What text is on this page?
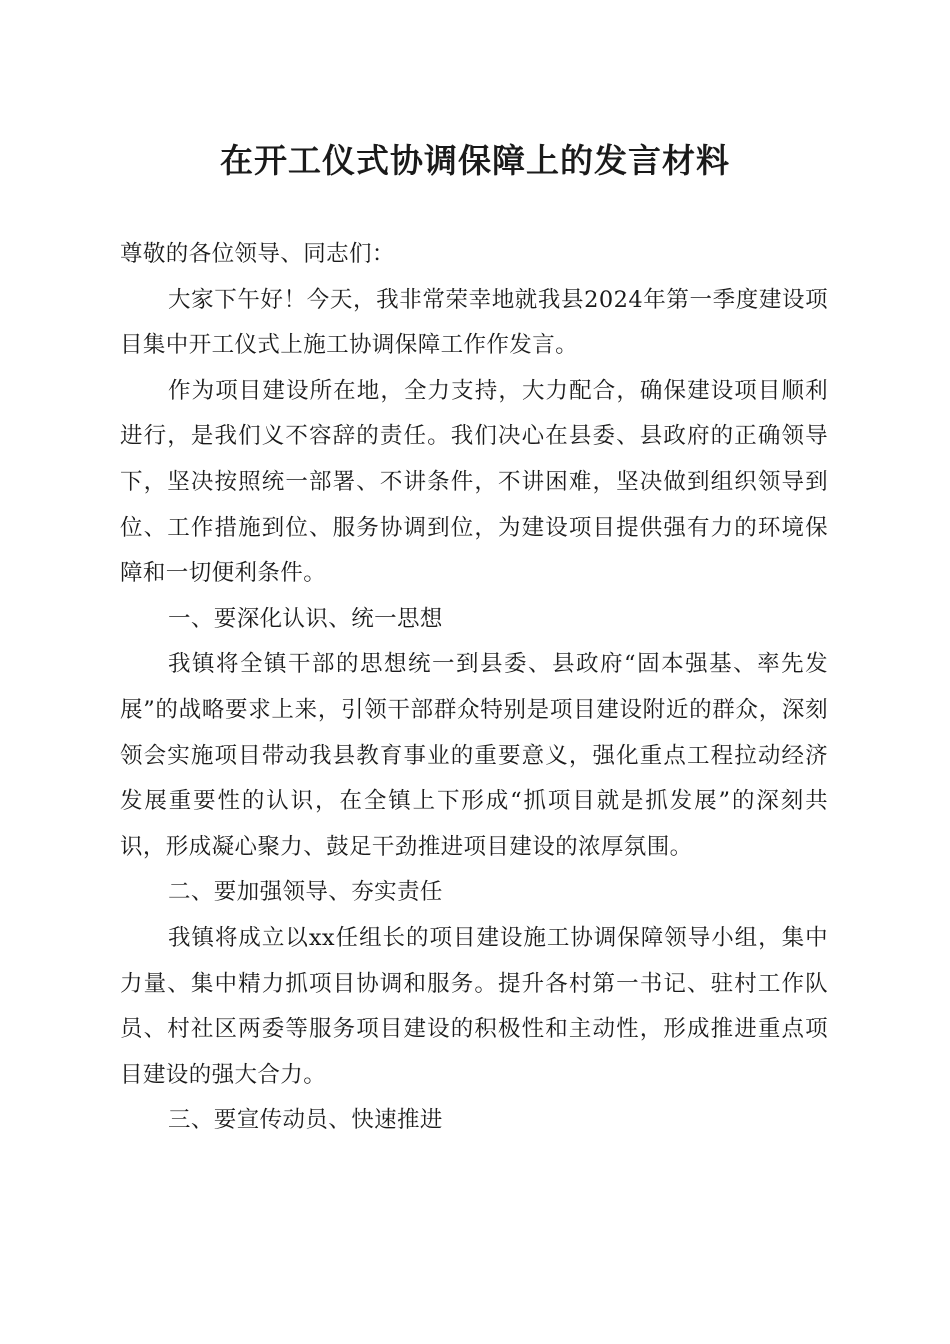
在开工仪式协调保障上的发言材料

尊敬的各位领导、同志们：

大家下午好！今天，我非常荣幸地就我县2024年第一季度建设项目集中开工仪式上施工协调保障工作作发言。

作为项目建设所在地，全力支持，大力配合，确保建设项目顺利进行，是我们义不容辞的责任。我们决心在县委、县政府的正确领导下，坚决按照统一部署、不讲条件，不讲困难，坚决做到组织领导到位、工作措施到位、服务协调到位，为建设项目提供强有力的环境保障和一切便利条件。

一、要深化认识、统一思想

我镇将全镇干部的思想统一到县委、县政府“固本强基、率先发展”的战略要求上来，引领干部群众特别是项目建设附近的群众，深刻领会实施项目带动我县教育事业的重要意义，强化重点工程拉动经济发展重要性的认识，在全镇上下形成“抓项目就是抓发展”的深刻共识，形成凝心聚力、鼓足干劲推进项目建设的浓厚氛围。

二、要加强领导、夯实责任

我镇将成立以xx任组长的项目建设施工协调保障领导小组，集中力量、集中精力抓项目协调和服务。提升各村第一书记、驻村工作队员、村社区两委等服务项目建设的积极性和主动性，形成推进重点项目建设的强大合力。

三、要宣传动员、快速推进
